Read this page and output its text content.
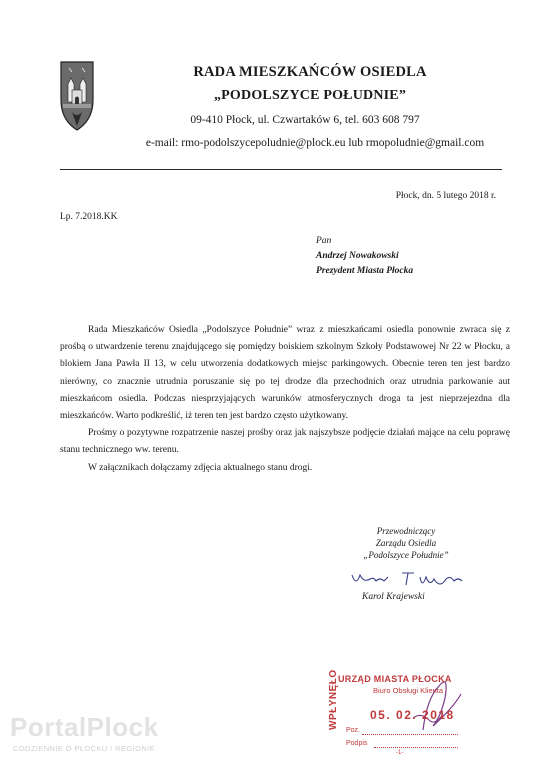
RADA MIESZKAŃCÓW OSIEDLA
„PODOLSZYCE POŁUDNIE”
09-410 Płock, ul. Czwartaków 6, tel. 603 608 797
e-mail: rmo-podolszycepoludnie@plock.eu lub rmopoludnie@gmail.com
Płock, dn. 5 lutego 2018 r.
Lp. 7.2018.KK
Pan
Andrzej Nowakowski
Prezydent Miasta Płocka

Rada Mieszkańców Osiedla „Podolszyce Południe” wraz z mieszkańcami osiedla ponownie zwraca się z prośbą o utwardzenie terenu znajdującego się pomiędzy boiskiem szkolnym Szkoły Podstawowej Nr 22 w Płocku, a blokiem Jana Pawła II 13, w celu utworzenia dodatkowych miejsc parkingowych. Obecnie teren ten jest bardzo nierówny, co znacznie utrudnia poruszanie się po tej drodze dla przechodnich oraz utrudnia parkowanie aut mieszkańcom osiedla. Podczas niesprzyjających warunków atmosferycznych droga ta jest nieprzejezdna dla mieszkańców. Warto podkreślić, iż teren ten jest bardzo często użytkowany.

Prośmy o pozytywne rozpatrzenie naszej prośby oraz jak najszybsze podjęcie działań mające na celu poprawę stanu technicznego ww. terenu.

W załącznikach dołączamy zdjęcia aktualnego stanu drogi.

Przewodniczący
Zarządu Osiedla
„Podolszyce Południe”
Karol Krajewski
WPŁYNĘŁO URZĄD MIASTA PŁOCKA
Biuro Obsługi Klienta
05. 02. 2018
Poz.
Podpis
-1-
PortalPlock
CODZIENNIE O PŁOCKU I REGIONIE
